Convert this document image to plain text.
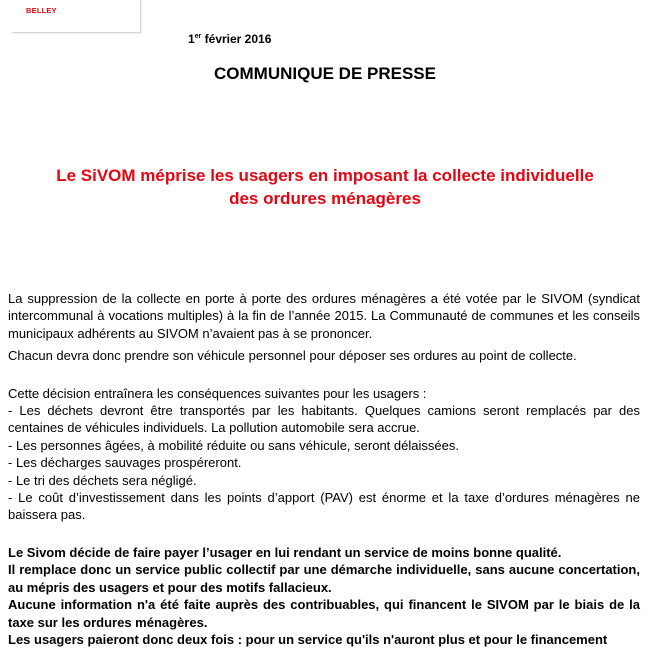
BELLEY
1er février 2016
COMMUNIQUE DE PRESSE
Le SiVOM méprise les usagers en imposant la collecte individuelle
des ordures ménagères

La suppression de la collecte en porte à porte des ordures ménagères a été votée par le SIVOM (syndicat intercommunal à vocations multiples) à la fin de l’année 2015. La Communauté de communes et les conseils municipaux adhérents au SIVOM n’avaient pas à se prononcer.

Chacun devra donc prendre son véhicule personnel pour déposer ses ordures au point de collecte.

Cette décision entraînera les conséquences suivantes pour les usagers :

- Les déchets devront être transportés par les habitants. Quelques camions seront remplacés par des centaines de véhicules individuels. La pollution automobile sera accrue.

- Les personnes âgées, à mobilité réduite ou sans véhicule, seront délaissées.

- Les décharges sauvages prospéreront.

- Le tri des déchets sera négligé.

- Le coût d’investissement dans les points d’apport (PAV) est énorme et la taxe d’ordures ménagères ne baissera pas.

Le Sivom décide de faire payer l’usager en lui rendant un service de moins bonne qualité.

Il remplace donc un service public collectif par une démarche individuelle, sans aucune concertation, au mépris des usagers et pour des motifs fallacieux.

Aucune information n'a été faite auprès des contribuables, qui financent le SIVOM par le biais de la taxe sur les ordures ménagères.

Les usagers paieront donc deux fois : pour un service qu'ils n'auront plus et pour le financement
